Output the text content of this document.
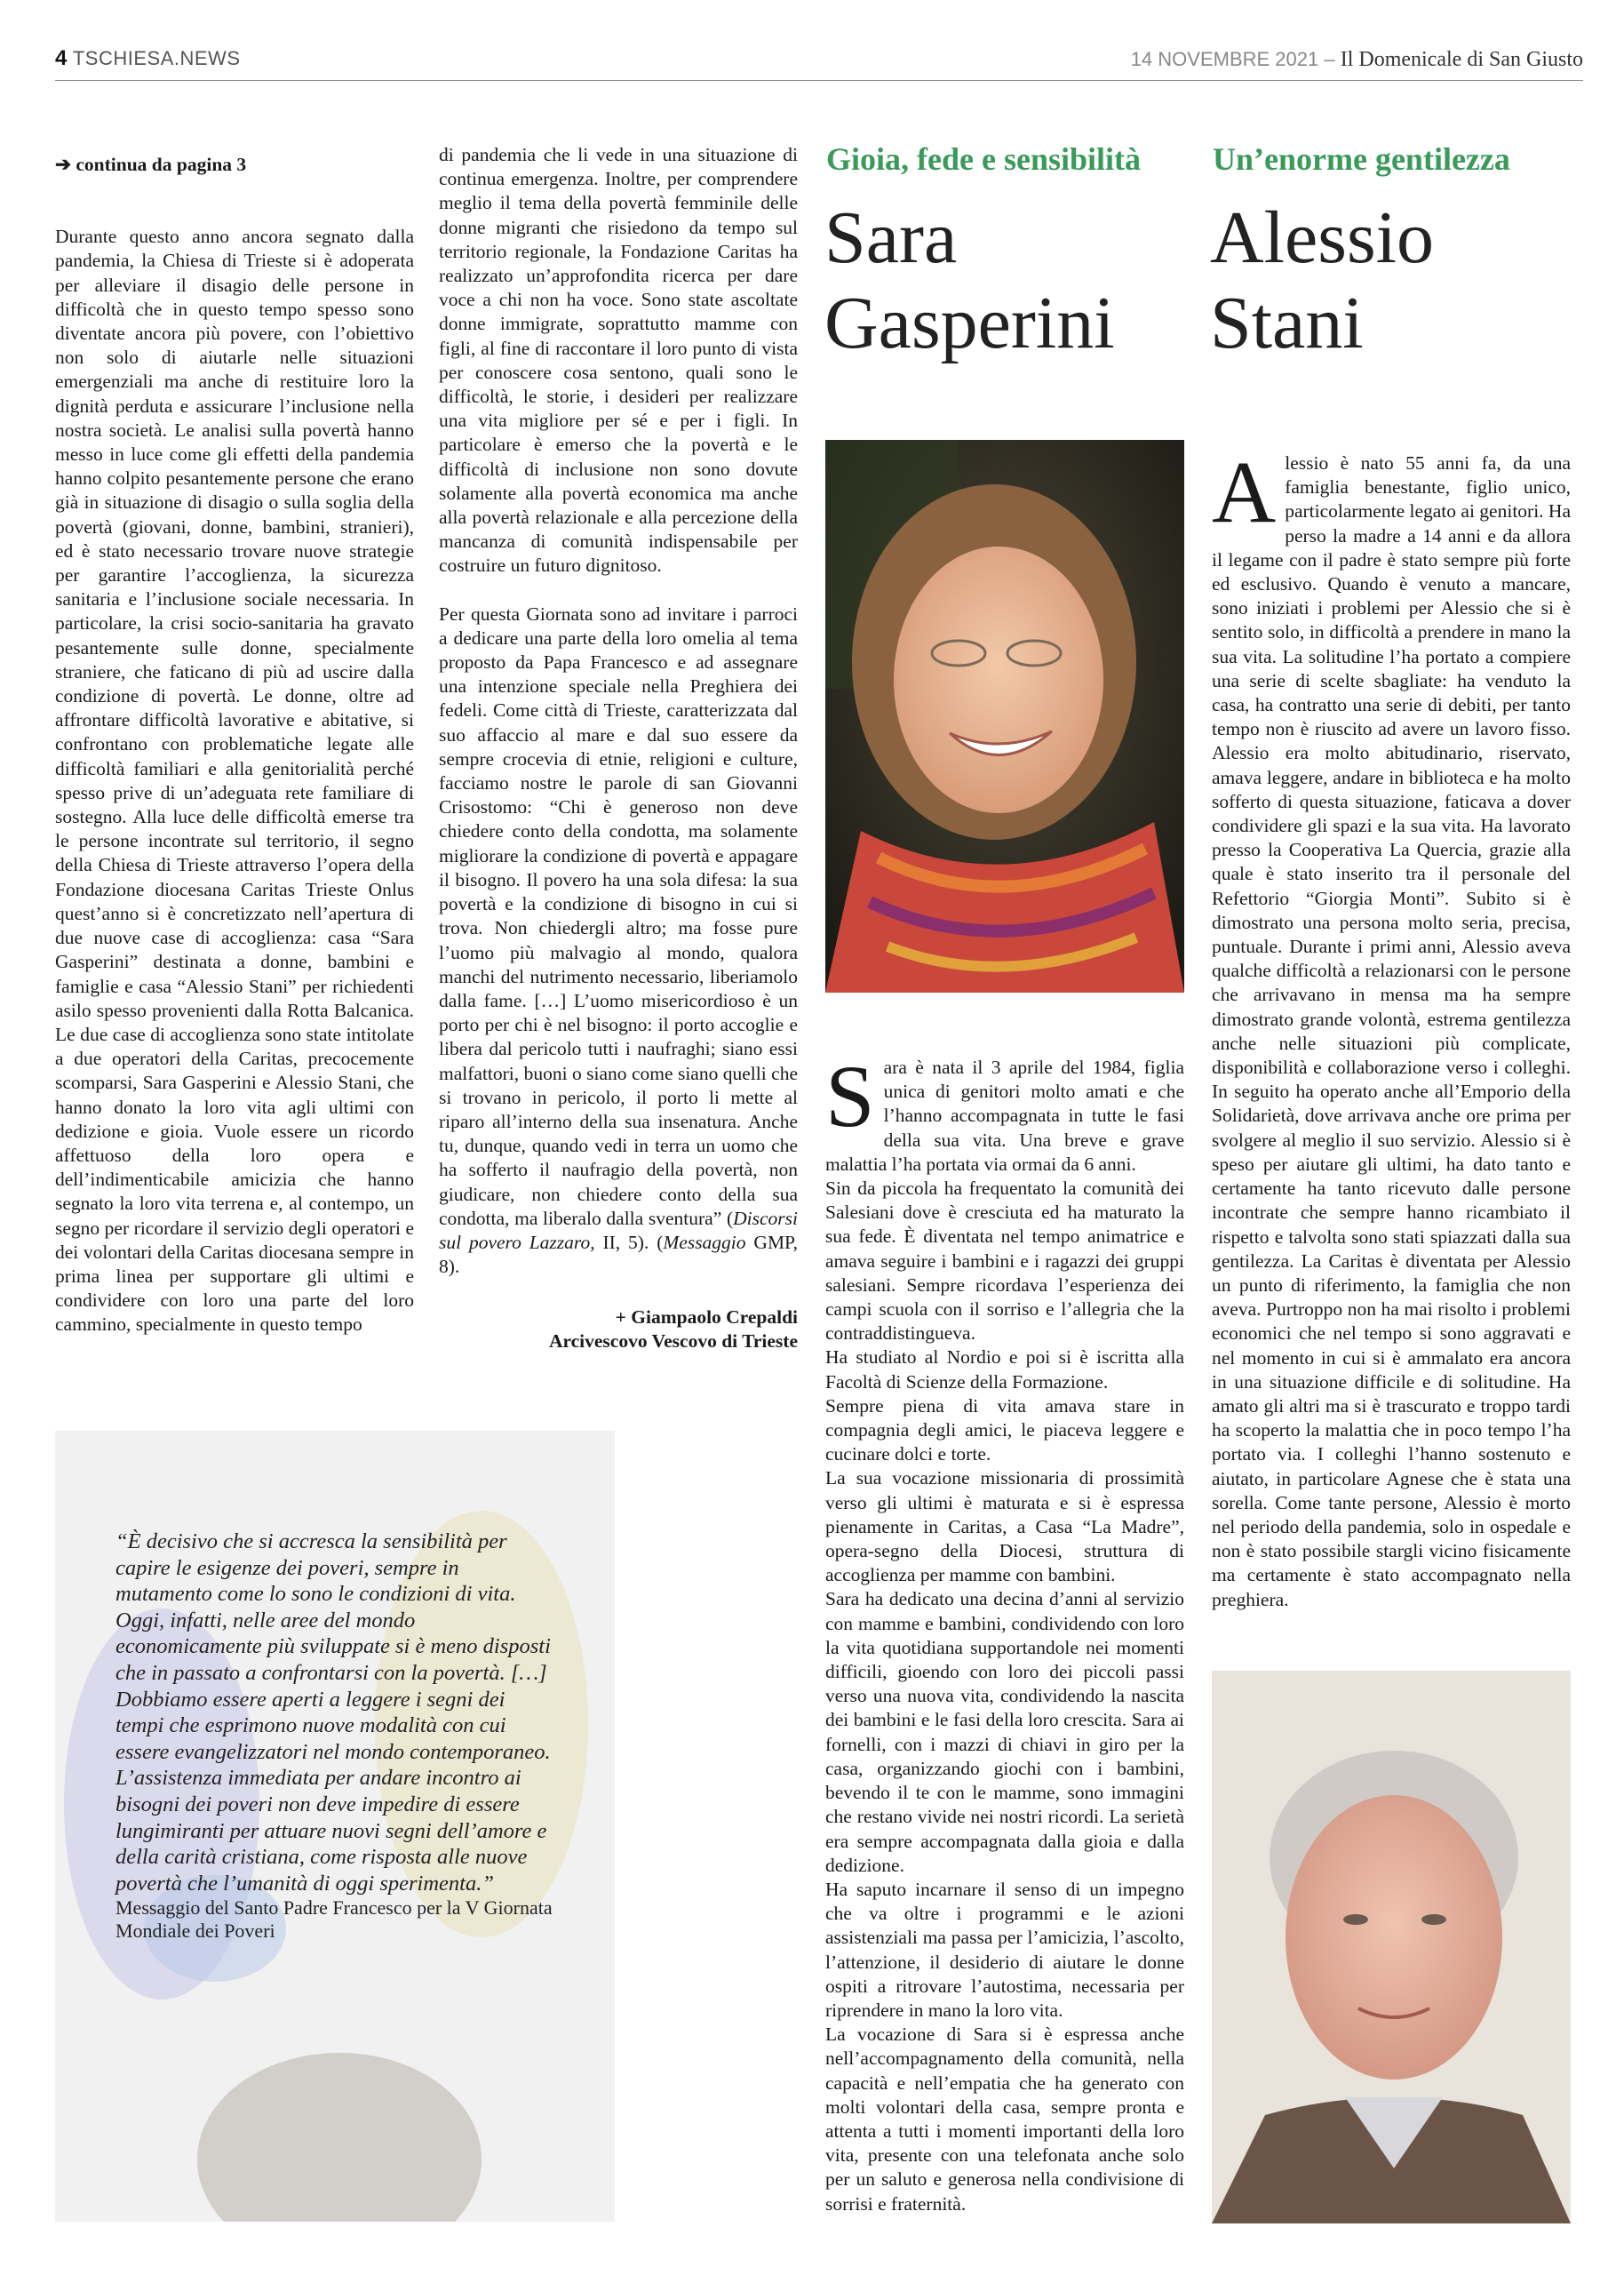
4 TSCHIESA.NEWS	14 NOVEMBRE 2021 – Il Domenicale di San Giusto

➔ continua da pagina 3

Durante questo anno ancora segnato dalla pandemia, la Chiesa di Trieste si è adoperata per alleviare il disagio delle persone in difficoltà che in questo tempo spesso sono diventate ancora più povere, con l’obiettivo non solo di aiutarle nelle situazioni emergenziali ma anche di restituire loro la dignità perduta e assicurare l’inclusione nella nostra società. Le analisi sulla povertà hanno messo in luce come gli effetti della pandemia hanno colpito pesantemente persone che erano già in situazione di disagio o sulla soglia della povertà (giovani, donne, bambini, stranieri), ed è stato necessario trovare nuove strategie per garantire l’accoglienza, la sicurezza sanitaria e l’inclusione sociale necessaria. In particolare, la crisi socio-sanitaria ha gravato pesantemente sulle donne, specialmente straniere, che faticano di più ad uscire dalla condizione di povertà. Le donne, oltre ad affrontare difficoltà lavorative e abitative, si confrontano con problematiche legate alle difficoltà familiari e alla genitorialità perché spesso prive di un’adeguata rete familiare di sostegno. Alla luce delle difficoltà emerse tra le persone incontrate sul territorio, il segno della Chiesa di Trieste attraverso l’opera della Fondazione diocesana Caritas Trieste Onlus quest’anno si è concretizzato nell’apertura di due nuove case di accoglienza: casa “Sara Gasperini” destinata a donne, bambini e famiglie e casa “Alessio Stani” per richiedenti asilo spesso provenienti dalla Rotta Balcanica. Le due case di accoglienza sono state intitolate a due operatori della Caritas, precocemente scomparsi, Sara Gasperini e Alessio Stani, che hanno donato la loro vita agli ultimi con dedizione e gioia. Vuole essere un ricordo affettuoso della loro opera e dell’indimenticabile amicizia che hanno segnato la loro vita terrena e, al contempo, un segno per ricordare il servizio degli operatori e dei volontari della Caritas diocesana sempre in prima linea per supportare gli ultimi e condividere con loro una parte del loro cammino, specialmente in questo tempo

di pandemia che li vede in una situazione di continua emergenza. Inoltre, per comprendere meglio il tema della povertà femminile delle donne migranti che risiedono da tempo sul territorio regionale, la Fondazione Caritas ha realizzato un’approfondita ricerca per dare voce a chi non ha voce. Sono state ascoltate donne immigrate, soprattutto mamme con figli, al fine di raccontare il loro punto di vista per conoscere cosa sentono, quali sono le difficoltà, le storie, i desideri per realizzare una vita migliore per sé e per i figli. In particolare è emerso che la povertà e le difficoltà di inclusione non sono dovute solamente alla povertà economica ma anche alla povertà relazionale e alla percezione della mancanza di comunità indispensabile per costruire un futuro dignitoso.

Per questa Giornata sono ad invitare i parroci a dedicare una parte della loro omelia al tema proposto da Papa Francesco e ad assegnare una intenzione speciale nella Preghiera dei fedeli. Come città di Trieste, caratterizzata dal suo affaccio al mare e dal suo essere da sempre crocevia di etnie, religioni e culture, facciamo nostre le parole di san Giovanni Crisostomo: “Chi è generoso non deve chiedere conto della condotta, ma solamente migliorare la condizione di povertà e appagare il bisogno. Il povero ha una sola difesa: la sua povertà e la condizione di bisogno in cui si trova. Non chiedergli altro; ma fosse pure l’uomo più malvagio al mondo, qualora manchi del nutrimento necessario, liberiamolo dalla fame. […] L’uomo misericordioso è un porto per chi è nel bisogno: il porto accoglie e libera dal pericolo tutti i naufraghi; siano essi malfattori, buoni o siano come siano quelli che si trovano in pericolo, il porto li mette al riparo all’interno della sua insenatura. Anche tu, dunque, quando vedi in terra un uomo che ha sofferto il naufragio della povertà, non giudicare, non chiedere conto della sua condotta, ma liberalo dalla sventura” (Discorsi sul povero Lazzaro, II, 5). (Messaggio GMP, 8).

+ Giampaolo Crepaldi
Arcivescovo Vescovo di Trieste
Gioia, fede e sensibilità
Sara
Gasperini

Sara è nata il 3 aprile del 1984, figlia unica di genitori molto amati e che l’hanno accompagnata in tutte le fasi della sua vita. Una breve e grave malattia l’ha portata via ormai da 6 anni.

Sin da piccola ha frequentato la comunità dei Salesiani dove è cresciuta ed ha maturato la sua fede. È diventata nel tempo animatrice e amava seguire i bambini e i ragazzi dei gruppi salesiani. Sempre ricordava l’esperienza dei campi scuola con il sorriso e l’allegria che la contraddistingueva.

Ha studiato al Nordio e poi si è iscritta alla Facoltà di Scienze della Formazione.

Sempre piena di vita amava stare in compagnia degli amici, le piaceva leggere e cucinare dolci e torte.

La sua vocazione missionaria di prossimità verso gli ultimi è maturata e si è espressa pienamente in Caritas, a Casa “La Madre”, opera-segno della Diocesi, struttura di accoglienza per mamme con bambini.

Sara ha dedicato una decina d’anni al servizio con mamme e bambini, condividendo con loro la vita quotidiana supportandole nei momenti difficili, gioendo con loro dei piccoli passi verso una nuova vita, condividendo la nascita dei bambini e le fasi della loro crescita. Sara ai fornelli, con i mazzi di chiavi in giro per la casa, organizzando giochi con i bambini, bevendo il te con le mamme, sono immagini che restano vivide nei nostri ricordi. La serietà era sempre accompagnata dalla gioia e dalla dedizione.

Ha saputo incarnare il senso di un impegno che va oltre i programmi e le azioni assistenziali ma passa per l’amicizia, l’ascolto, l’attenzione, il desiderio di aiutare le donne ospiti a ritrovare l’autostima, necessaria per riprendere in mano la loro vita.

La vocazione di Sara si è espressa anche nell’accompagnamento della comunità, nella capacità e nell’empatia che ha generato con molti volontari della casa, sempre pronta e attenta a tutti i momenti importanti della loro vita, presente con una telefonata anche solo per un saluto e generosa nella condivisione di sorrisi e fraternità.

Un’enorme gentilezza
Alessio
Stani

Alessio è nato 55 anni fa, da una famiglia benestante, figlio unico, particolarmente legato ai genitori. Ha perso la madre a 14 anni e da allora il legame con il padre è stato sempre più forte ed esclusivo. Quando è venuto a mancare, sono iniziati i problemi per Alessio che si è sentito solo, in difficoltà a prendere in mano la sua vita. La solitudine l’ha portato a compiere una serie di scelte sbagliate: ha venduto la casa, ha contratto una serie di debiti, per tanto tempo non è riuscito ad avere un lavoro fisso. Alessio era molto abitudinario, riservato, amava leggere, andare in biblioteca e ha molto sofferto di questa situazione, faticava a dover condividere gli spazi e la sua vita. Ha lavorato presso la Cooperativa La Quercia, grazie alla quale è stato inserito tra il personale del Refettorio “Giorgia Monti”. Subito si è dimostrato una persona molto seria, precisa, puntuale. Durante i primi anni, Alessio aveva qualche difficoltà a relazionarsi con le persone che arrivavano in mensa ma ha sempre dimostrato grande volontà, estrema gentilezza anche nelle situazioni più complicate, disponibilità e collaborazione verso i colleghi. In seguito ha operato anche all’Emporio della Solidarietà, dove arrivava anche ore prima per svolgere al meglio il suo servizio. Alessio si è speso per aiutare gli ultimi, ha dato tanto e certamente ha tanto ricevuto dalle persone incontrate che sempre hanno ricambiato il rispetto e talvolta sono stati spiazzati dalla sua gentilezza. La Caritas è diventata per Alessio un punto di riferimento, la famiglia che non aveva. Purtroppo non ha mai risolto i problemi economici che nel tempo si sono aggravati e nel momento in cui si è ammalato era ancora in una situazione difficile e di solitudine. Ha amato gli altri ma si è trascurato e troppo tardi ha scoperto la malattia che in poco tempo l’ha portato via. I colleghi l’hanno sostenuto e aiutato, in particolare Agnese che è stata una sorella. Come tante persone, Alessio è morto nel periodo della pandemia, solo in ospedale e non è stato possibile stargli vicino fisicamente ma certamente è stato accompagnato nella preghiera.

“È decisivo che si accresca la sensibilità per capire le esigenze dei poveri, sempre in mutamento come lo sono le condizioni di vita. Oggi, infatti, nelle aree del mondo economicamente più sviluppate si è meno disposti che in passato a confrontarsi con la povertà. […] Dobbiamo essere aperti a leggere i segni dei tempi che esprimono nuove modalità con cui essere evangelizzatori nel mondo contemporaneo. L’assistenza immediata per andare incontro ai bisogni dei poveri non deve impedire di essere lungimiranti per attuare nuovi segni dell’amore e della carità cristiana, come risposta alle nuove povertà che l’umanità di oggi sperimenta.”
Messaggio del Santo Padre Francesco per la V Giornata Mondiale dei Poveri
